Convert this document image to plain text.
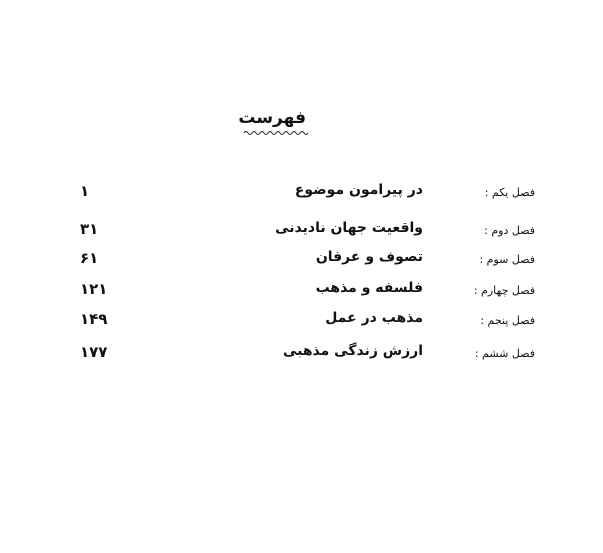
فهرست
فصل یکم :
در پیرامون موضوع
۱
فصل دوم :
واقعیت جهان نادیدنی
۳۱
فصل سوم :
تصوف و عرفان
۶۱
فصل چهارم :
فلسفه و مذهب
۱۲۱
فصل پنجم :
مذهب در عمل
۱۴۹
فصل ششم :
ارزش زندگی مذهبی
۱۷۷
